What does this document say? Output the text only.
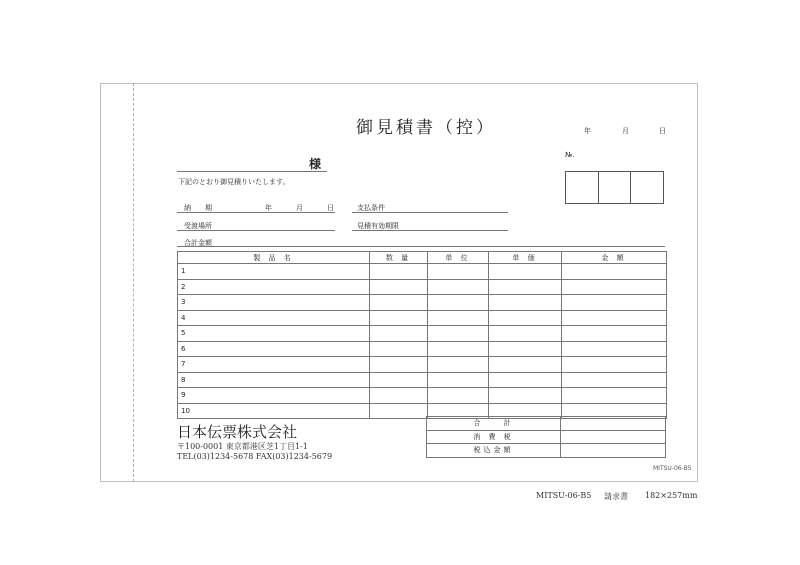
御見積書（控）	年	月	日
№.
様
下記のとおり御見積りいたします。
納　　期	年	月	日	支払条件
受渡場所	見積有効期限
合計金額
製 品 名	数 量	単 位	単 価	金 額
1				
2				
3				
4				
5				
6				
7				
8				
9				
10				
合　　計	
消 費 税	
税込金額	
日本伝票株式会社
〒100-0001 東京都港区芝1丁目1-1
TEL(03)1234-5678 FAX(03)1234-5679
MITSU-06-B5
MITSU-06-B5 請求書 182×257mm
